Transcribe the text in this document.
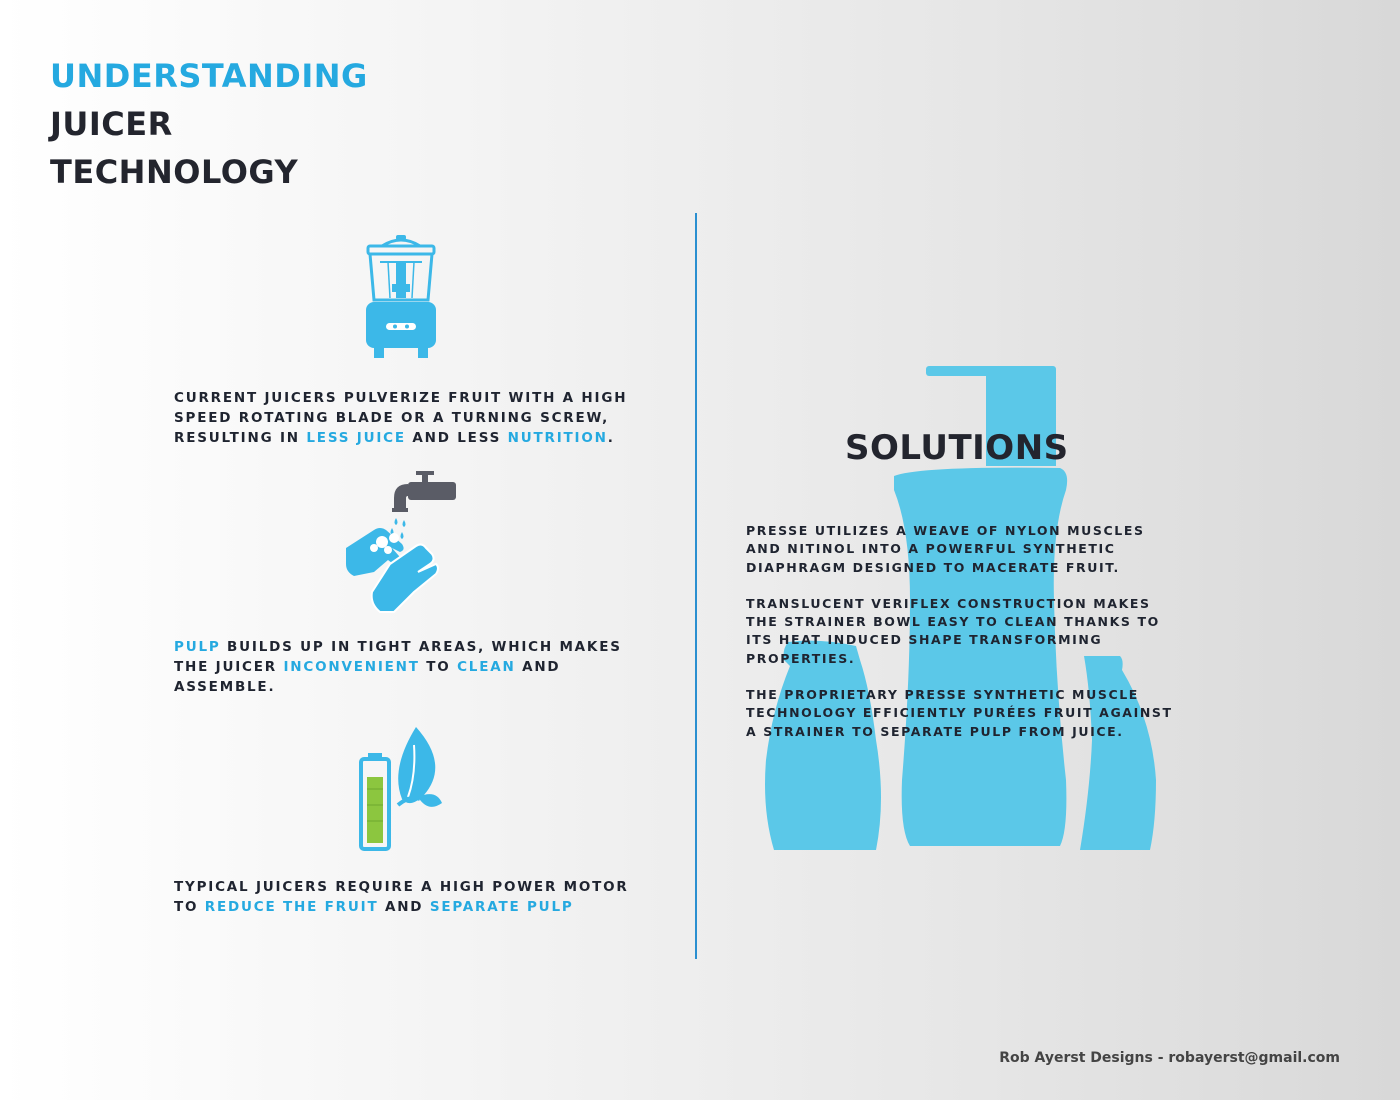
UNDERSTANDING
JUICER
TECHNOLOGY

CURRENT JUICERS PULVERIZE FRUIT WITH A HIGH SPEED ROTATING BLADE OR A TURNING SCREW, RESULTING IN LESS JUICE AND LESS NUTRITION.

PULP BUILDS UP IN TIGHT AREAS, WHICH MAKES THE JUICER INCONVENIENT TO CLEAN AND ASSEMBLE.

TYPICAL JUICERS REQUIRE A HIGH POWER MOTOR TO REDUCE THE FRUIT AND SEPARATE PULP

SOLUTIONS

PRESSE UTILIZES A WEAVE OF NYLON MUSCLES AND NITINOL INTO A POWERFUL SYNTHETIC DIAPHRAGM DESIGNED TO MACERATE FRUIT.

TRANSLUCENT VERIFLEX CONSTRUCTION MAKES THE STRAINER BOWL EASY TO CLEAN THANKS TO ITS HEAT INDUCED SHAPE TRANSFORMING PROPERTIES.

THE PROPRIETARY PRESSE SYNTHETIC MUSCLE TECHNOLOGY EFFICIENTLY PURÉES FRUIT AGAINST A STRAINER TO SEPARATE PULP FROM JUICE.

Rob Ayerst Designs - robayerst@gmail.com
